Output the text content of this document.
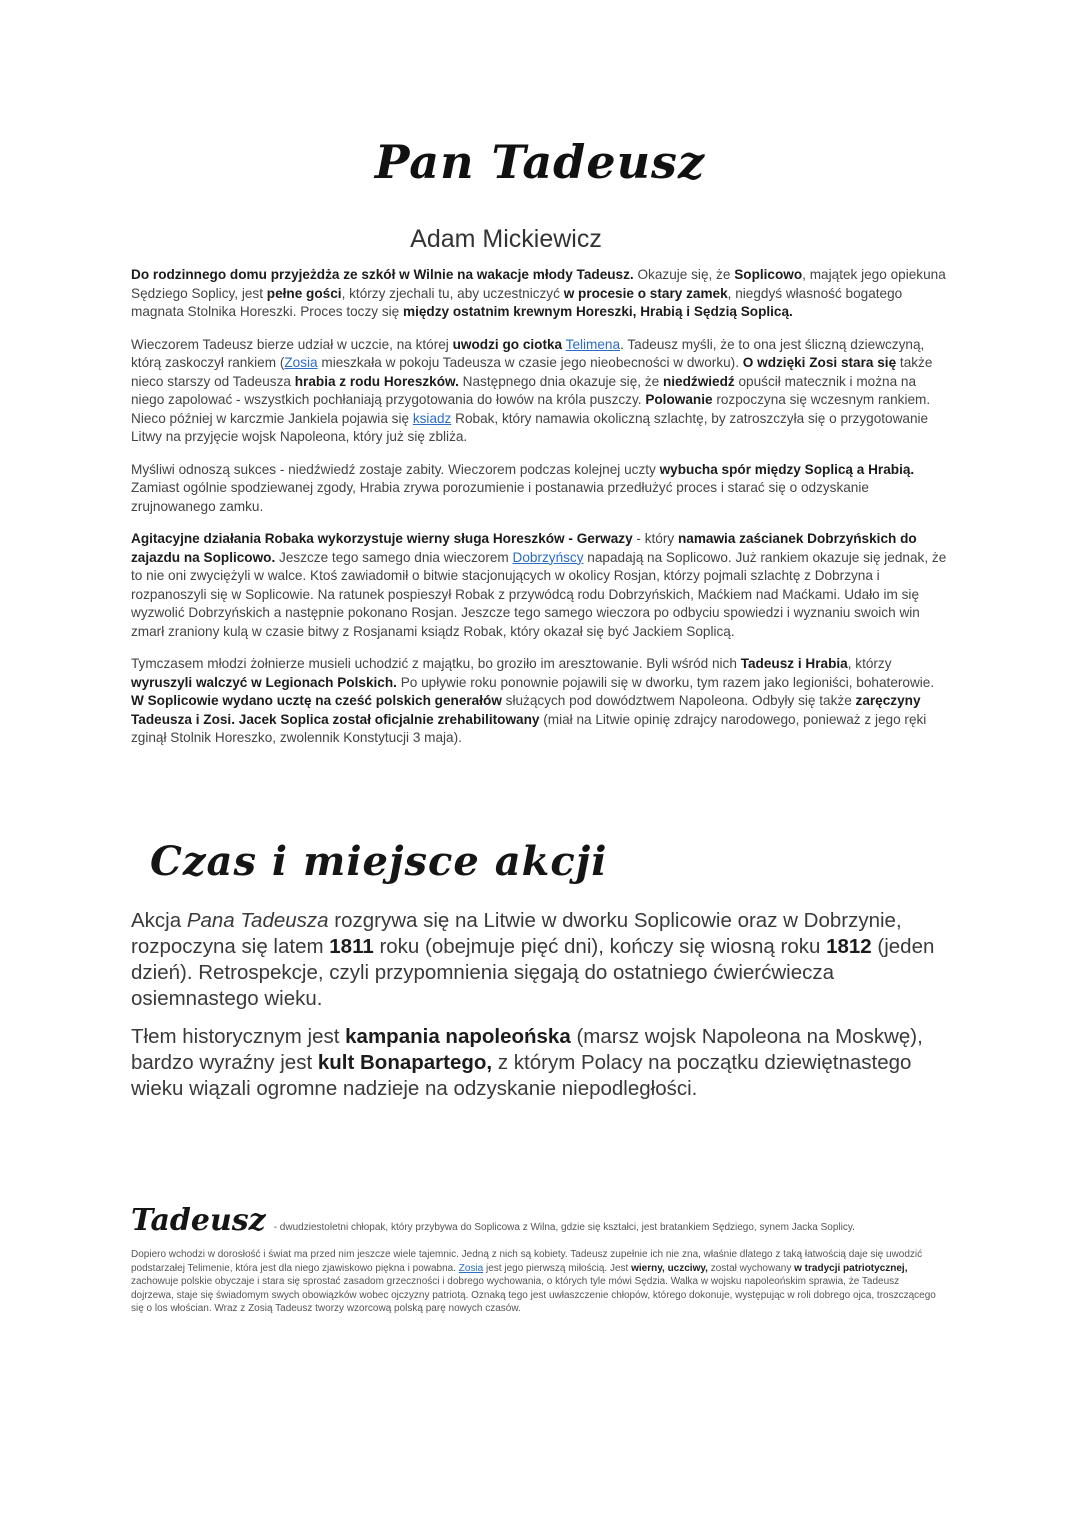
Pan Tadeusz
Adam Mickiewicz

Do rodzinnego domu przyjeżdża ze szkół w Wilnie na wakacje młody Tadeusz. Okazuje się, że Soplicowo, majątek jego opiekuna Sędziego Soplicy, jest pełne gości, którzy zjechali tu, aby uczestniczyć w procesie o stary zamek, niegdyś własność bogatego magnata Stolnika Horeszki. Proces toczy się między ostatnim krewnym Horeszki, Hrabią i Sędzią Soplicą.

Wieczorem Tadeusz bierze udział w uczcie, na której uwodzi go ciotka Telimena. Tadeusz myśli, że to ona jest śliczną dziewczyną, którą zaskoczył rankiem (Zosia mieszkała w pokoju Tadeusza w czasie jego nieobecności w dworku). O wdzięki Zosi stara się także nieco starszy od Tadeusza hrabia z rodu Horeszków. Następnego dnia okazuje się, że niedźwiedź opuścił matecznik i można na niego zapolować - wszystkich pochłaniają przygotowania do łowów na króla puszczy. Polowanie rozpoczyna się wczesnym rankiem. Nieco później w karczmie Jankiela pojawia się ksiadz Robak, który namawia okoliczną szlachtę, by zatroszczyła się o przygotowanie Litwy na przyjęcie wojsk Napoleona, który już się zbliża.

Myśliwi odnoszą sukces - niedźwiedź zostaje zabity. Wieczorem podczas kolejnej uczty wybucha spór między Soplicą a Hrabią. Zamiast ogólnie spodziewanej zgody, Hrabia zrywa porozumienie i postanawia przedłużyć proces i starać się o odzyskanie zrujnowanego zamku.

Agitacyjne działania Robaka wykorzystuje wierny sługa Horeszków - Gerwazy - który namawia zaścianek Dobrzyńskich do zajazdu na Soplicowo. Jeszcze tego samego dnia wieczorem Dobrzyńscy napadają na Soplicowo. Już rankiem okazuje się jednak, że to nie oni zwyciężyli w walce. Ktoś zawiadomił o bitwie stacjonujących w okolicy Rosjan, którzy pojmali szlachtę z Dobrzyna i rozpanoszyli się w Soplicowie. Na ratunek pospieszył Robak z przywódcą rodu Dobrzyńskich, Maćkiem nad Maćkami. Udało im się wyzwolić Dobrzyńskich a następnie pokonano Rosjan. Jeszcze tego samego wieczora po odbyciu spowiedzi i wyznaniu swoich win zmarł zraniony kulą w czasie bitwy z Rosjanami ksiądz Robak, który okazał się być Jackiem Soplicą.

Tymczasem młodzi żołnierze musieli uchodzić z majątku, bo groziło im aresztowanie. Byli wśród nich Tadeusz i Hrabia, którzy wyruszyli walczyć w Legionach Polskich. Po upływie roku ponownie pojawili się w dworku, tym razem jako legioniści, bohaterowie. W Soplicowie wydano ucztę na cześć polskich generałów służących pod dowództwem Napoleona. Odbyły się także zaręczyny Tadeusza i Zosi. Jacek Soplica został oficjalnie zrehabilitowany (miał na Litwie opinię zdrajcy narodowego, ponieważ z jego ręki zginął Stolnik Horeszko, zwolennik Konstytucji 3 maja).

Czas i miejsce akcji

Akcja Pana Tadeusza rozgrywa się na Litwie w dworku Soplicowie oraz w Dobrzynie, rozpoczyna się latem 1811 roku (obejmuje pięć dni), kończy się wiosną roku 1812 (jeden dzień). Retrospekcje, czyli przypomnienia sięgają do ostatniego ćwierćwiecza osiemnastego wieku.

Tłem historycznym jest kampania napoleońska (marsz wojsk Napoleona na Moskwę), bardzo wyraźny jest kult Bonapartego, z którym Polacy na początku dziewiętnastego wieku wiązali ogromne nadzieje na odzyskanie niepodległości.

Tadeusz - dwudziestoletni chłopak, który przybywa do Soplicowa z Wilna, gdzie się kształci, jest bratankiem Sędziego, synem Jacka Soplicy.
Dopiero wchodzi w dorosłość i świat ma przed nim jeszcze wiele tajemnic. Jedną z nich są kobiety. Tadeusz zupełnie ich nie zna, właśnie dlatego z taką łatwością daje się uwodzić podstarzałej Telimenie, która jest dla niego zjawiskowo piękna i powabna. Zosia jest jego pierwszą miłością. Jest wierny, uczciwy, został wychowany w tradycji patriotycznej, zachowuje polskie obyczaje i stara się sprostać zasadom grzeczności i dobrego wychowania, o których tyle mówi Sędzia. Walka w wojsku napoleońskim sprawia, że Tadeusz dojrzewa, staje się świadomym swych obowiązków wobec ojczyzny patriotą. Oznaką tego jest uwłaszczenie chłopów, którego dokonuje, występując w roli dobrego ojca, troszczącego się o los włościan. Wraz z Zosią Tadeusz tworzy wzorcową polską parę nowych czasów.
